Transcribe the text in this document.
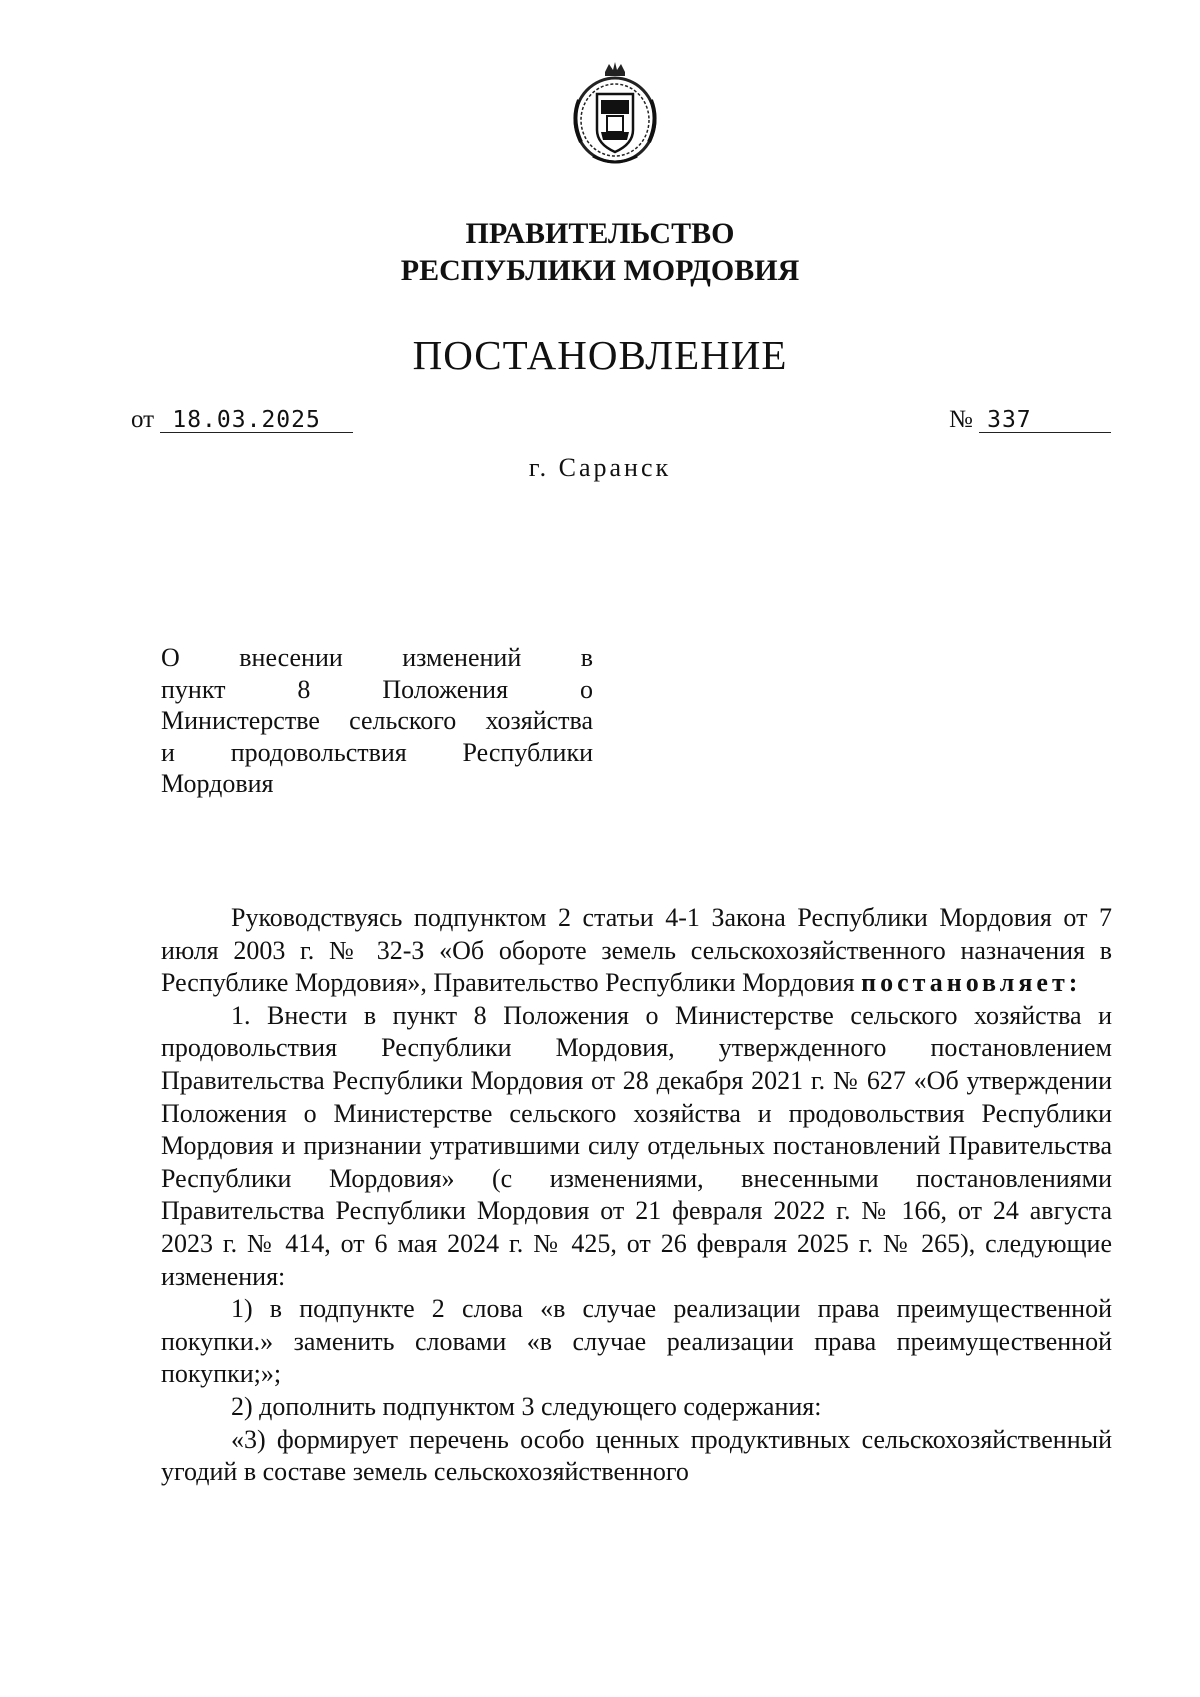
ПРАВИТЕЛЬСТВО
РЕСПУБЛИКИ МОРДОВИЯ
ПОСТАНОВЛЕНИЕ
от 18.03.2025	№ 337
г. Саранск
О внесении изменений в
пункт 8 Положения о
Министерстве сельского хозяйства
и продовольствия Республики
Мордовия

Руководствуясь подпунктом 2 статьи 4-1 Закона Республики Мордовия от 7 июля 2003 г. № 32-З «Об обороте земель сельскохозяйственного назначения в Республике Мордовия», Правительство Республики Мордовия постановляет:

1. Внести в пункт 8 Положения о Министерстве сельского хозяйства и продовольствия Республики Мордовия, утвержденного постановлением Правительства Республики Мордовия от 28 декабря 2021 г. № 627 «Об утверждении Положения о Министерстве сельского хозяйства и продовольствия Республики Мордовия и признании утратившими силу отдельных постановлений Правительства Республики Мордовия» (с изменениями, внесенными постановлениями Правительства Республики Мордовия от 21 февраля 2022 г. № 166, от 24 августа 2023 г. № 414, от 6 мая 2024 г. № 425, от 26 февраля 2025 г. № 265), следующие изменения:

1) в подпункте 2 слова «в случае реализации права преимущественной покупки.» заменить словами «в случае реализации права преимущественной покупки;»;

2) дополнить подпунктом 3 следующего содержания:

«3) формирует перечень особо ценных продуктивных сельскохозяйственный угодий в составе земель сельскохозяйственного
